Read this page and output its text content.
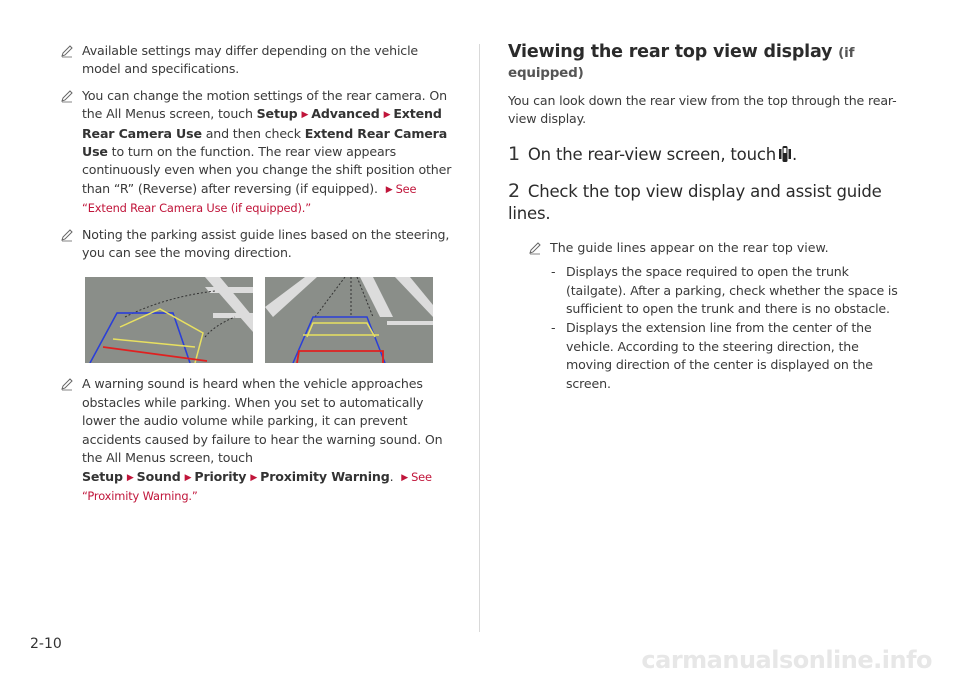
Available settings may differ depending on the vehicle model and specifications.
You can change the motion settings of the rear camera. On the All Menus screen, touch Setup ▶ Advanced ▶ Extend Rear Camera Use and then check Extend Rear Camera Use to turn on the function. The rear view appears continuously even when you change the shift position other than “R” (Reverse) after reversing (if equipped). ▶ See “Extend Rear Camera Use (if equipped).”
Noting the parking assist guide lines based on the steering, you can see the moving direction.
A warning sound is heard when the vehicle approaches obstacles while parking. When you set to automatically lower the audio volume while parking, it can prevent accidents caused by failure to hear the warning sound. On the All Menus screen, touch Setup ▶ Sound ▶ Priority ▶ Proximity Warning. ▶ See “Proximity Warning.”
Viewing the rear top view display (if equipped)
You can look down the rear view from the top through the rear-view display.
1 On the rear-view screen, touch .
2 Check the top view display and assist guide lines.
The guide lines appear on the rear top view.
- Displays the space required to open the trunk (tailgate). After a parking, check whether the space is sufficient to open the trunk and there is no obstacle.
- Displays the extension line from the center of the vehicle. According to the steering direction, the moving direction of the center is displayed on the screen.
2-10
carmanualsonline.info
